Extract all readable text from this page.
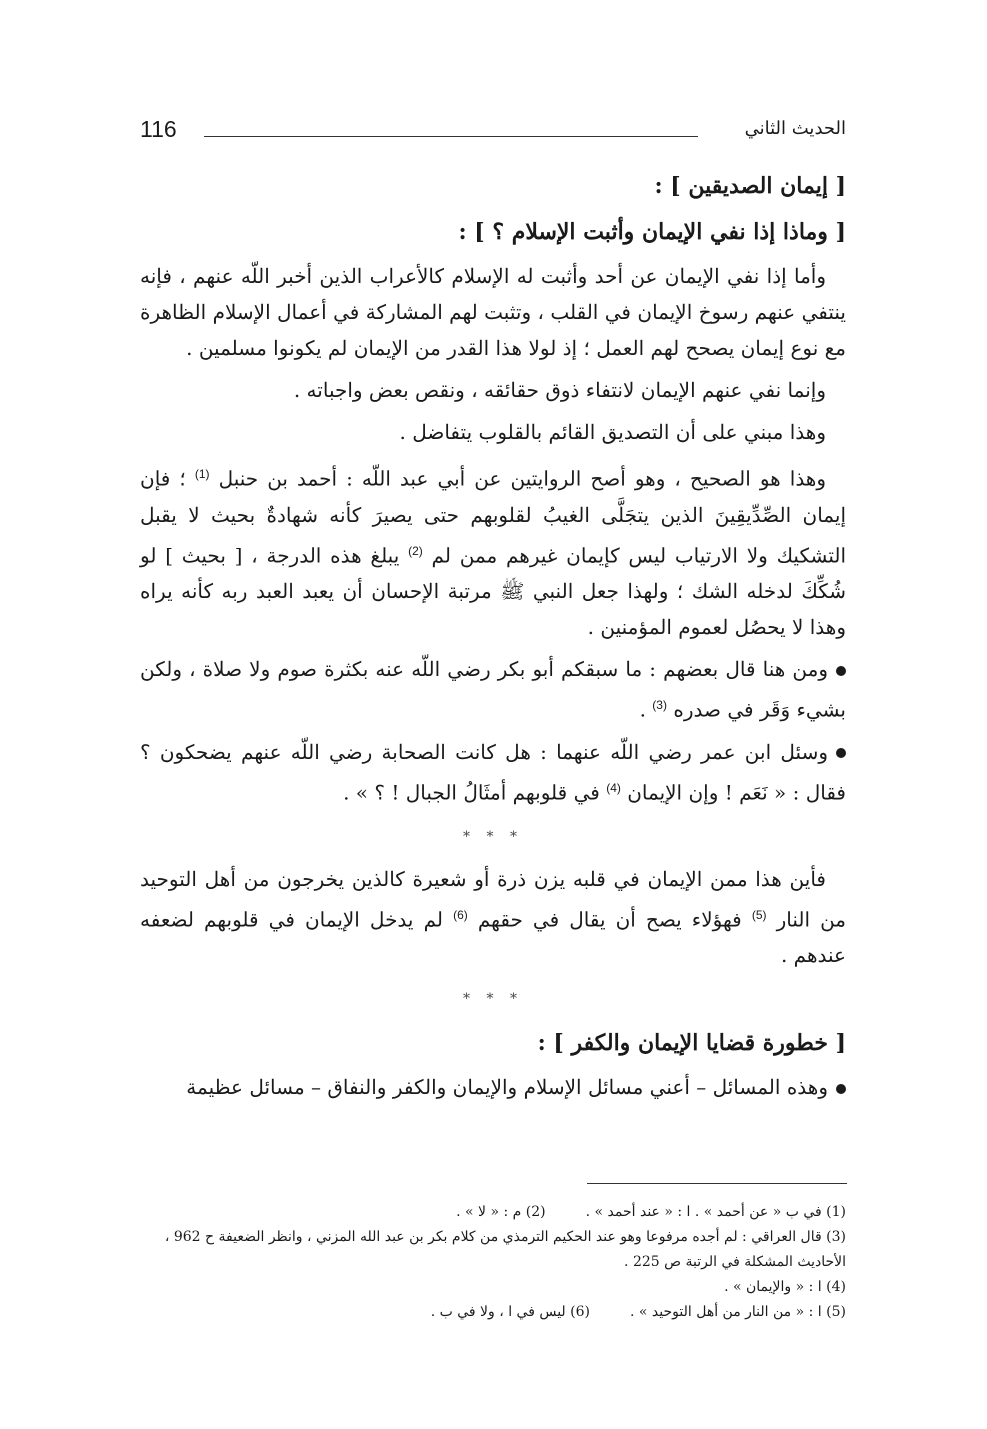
116	الحديث الثاني
[ إيمان الصديقين ] :
[ وماذا إذا نفي الإيمان وأثبت الإسلام ؟ ] :

وأما إذا نفي الإيمان عن أحد وأثبت له الإسلام كالأعراب الذين أخبر اللّه عنهم ، فإنه ينتفي عنهم رسوخ الإيمان في القلب ، وتثبت لهم المشاركة في أعمال الإسلام الظاهرة مع نوع إيمان يصحح لهم العمل ؛ إذ لولا هذا القدر من الإيمان لم يكونوا مسلمين .

وإنما نفي عنهم الإيمان لانتفاء ذوق حقائقه ، ونقص بعض واجباته .

وهذا مبني على أن التصديق القائم بالقلوب يتفاضل .

وهذا هو الصحيح ، وهو أصح الروايتين عن أبي عبد اللّه : أحمد بن حنبل $^{(1)}$ ؛ فإن إيمان الصِّدِّيقِينَ الذين يتجَلَّى الغيبُ لقلوبهم حتى يصيرَ كأنه شهادةٌ بحيث لا يقبل التشكيك ولا الارتياب ليس كإيمان غيرهم ممن لم $^{(2)}$ يبلغ هذه الدرجة ، [ بحيث ] لو شُكِّكَ لدخله الشك ؛ ولهذا جعل النبي ﷺ مرتبة الإحسان أن يعبد العبد ربه كأنه يراه وهذا لا يحصُل لعموم المؤمنين .

ومن هنا قال بعضهم : ما سبقكم أبو بكر رضي اللّه عنه بكثرة صوم ولا صلاة ، ولكن بشيء وَقَر في صدره $^{(3)}$ .

وسئل ابن عمر رضي اللّه عنهما : هل كانت الصحابة رضي اللّه عنهم يضحكون ؟ فقال : « نَعَم ! وإن الإيمان $^{(4)}$ في قلوبهم أمثَالُ الجبال ! ؟ » .

* * *

فأين هذا ممن الإيمان في قلبه يزن ذرة أو شعيرة كالذين يخرجون من أهل التوحيد من النار $^{(5)}$ فهؤلاء يصح أن يقال في حقهم $^{(6)}$ لم يدخل الإيمان في قلوبهم لضعفه عندهم .

* * *
[ خطورة قضايا الإيمان والكفر ] :

وهذه المسائل – أعني مسائل الإسلام والإيمان والكفر والنفاق – مسائل عظيمة

(1) في ب « عن أحمد » . ا : « عند أحمد » .

(2) م : « لا » .

(3) قال العراقي : لم أجده مرفوعا وهو عند الحكيم الترمذي من كلام بكر بن عبد الله المزني ، وانظر الضعيفة ح 962 ، الأحاديث المشكلة في الرتبة ص 225 .

(4) ا : « والإيمان » .

(5) ا : « من النار من أهل التوحيد » .

(6) ليس في ا ، ولا في ب .
